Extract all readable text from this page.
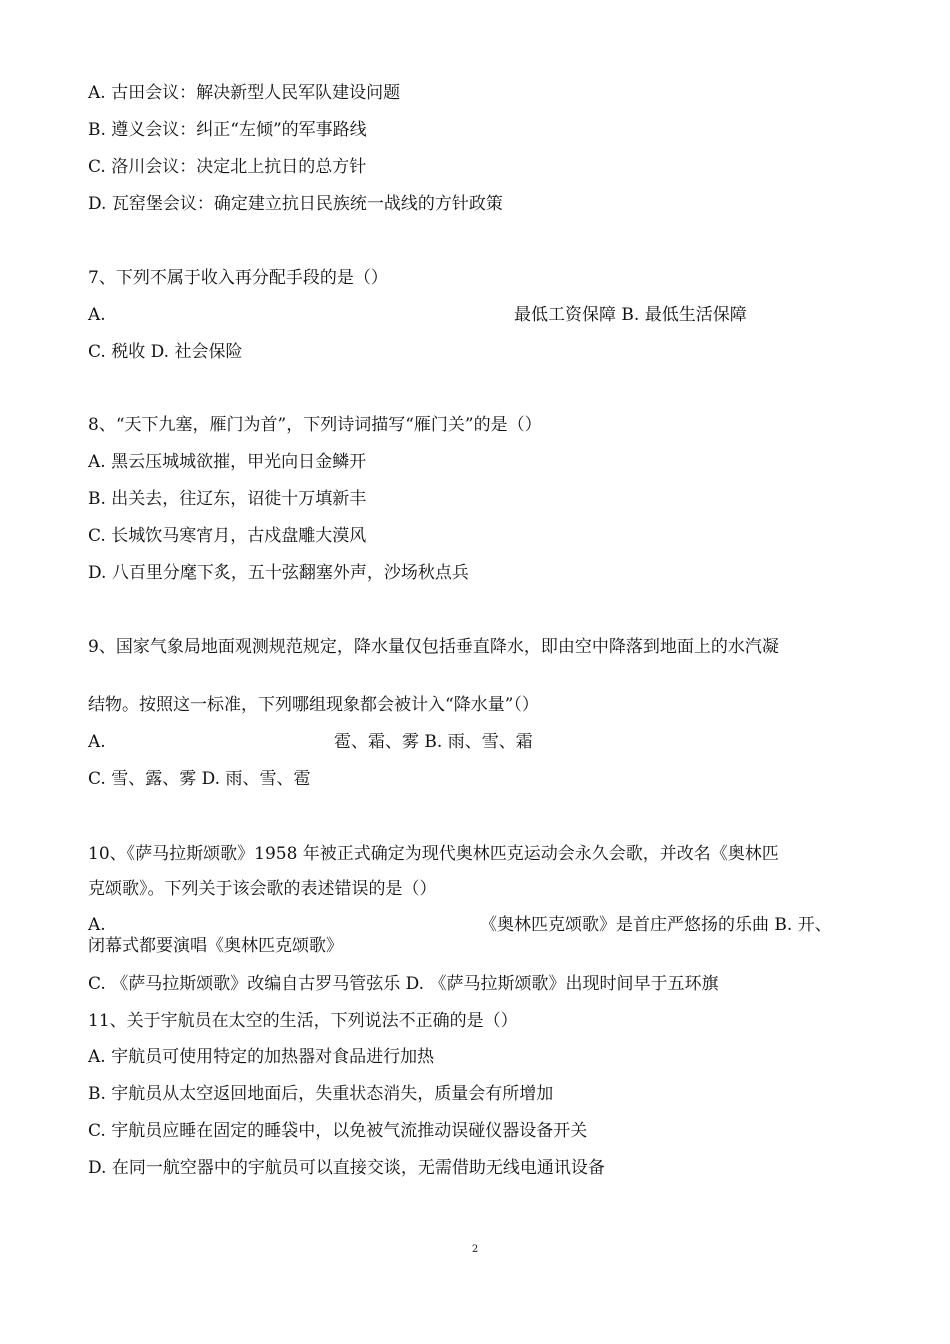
A. 古田会议：解决新型人民军队建设问题
B. 遵义会议：纠正“左倾”的军事路线
C. 洛川会议：决定北上抗日的总方针
D. 瓦窑堡会议：确定建立抗日民族统一战线的方针政策
7、下列不属于收入再分配手段的是（）
A.	最低工资保障 B. 最低生活保障
C. 税收 D. 社会保险
8、“天下九塞，雁门为首”，下列诗词描写“雁门关”的是（）
A. 黑云压城城欲摧，甲光向日金鳞开
B. 出关去，往辽东，诏徙十万填新丰
C. 长城饮马寒宵月，古戍盘雕大漠风
D. 八百里分麾下炙，五十弦翻塞外声，沙场秋点兵
9、国家气象局地面观测规范规定，降水量仅包括垂直降水，即由空中降落到地面上的水汽凝
结物。按照这一标准，下列哪组现象都会被计入“降水量”（）
A.	雹、霜、雾 B. 雨、雪、霜
C. 雪、露、雾 D. 雨、雪、雹
10、《萨马拉斯颂歌》1958 年被正式确定为现代奥林匹克运动会永久会歌，并改名《奥林匹
克颂歌》。下列关于该会歌的表述错误的是（）
A.	《奥林匹克颂歌》是首庄严悠扬的乐曲 B. 开、
闭幕式都要演唱《奥林匹克颂歌》
C. 《萨马拉斯颂歌》改编自古罗马管弦乐 D. 《萨马拉斯颂歌》出现时间早于五环旗
11、关于宇航员在太空的生活，下列说法不正确的是（）
A. 宇航员可使用特定的加热器对食品进行加热
B. 宇航员从太空返回地面后，失重状态消失，质量会有所增加
C. 宇航员应睡在固定的睡袋中，以免被气流推动误碰仪器设备开关
D. 在同一航空器中的宇航员可以直接交谈，无需借助无线电通讯设备
2
